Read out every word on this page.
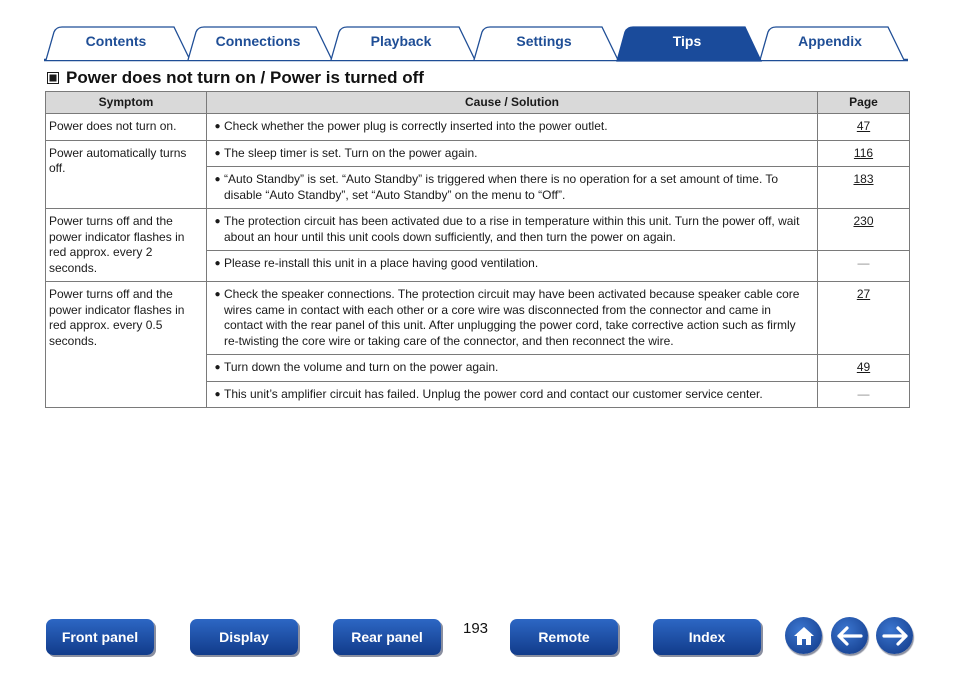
Contents	Connections	Playback	Settings	Tips	Appendix
Power does not turn on / Power is turned off
Symptom	Cause / Solution	Page
Power does not turn on.	● Check whether the power plug is correctly inserted into the power outlet.	47
Power automatically turns off.	● The sleep timer is set. Turn on the power again.	116

	● “Auto Standby” is set. “Auto Standby” is triggered when there is no operation for a set amount of time. To disable “Auto Standby”, set “Auto Standby” on the menu to “Off”.	183
Power turns off and the power indicator flashes in red approx. every 2 seconds.	● The protection circuit has been activated due to a rise in temperature within this unit. Turn the power off, wait about an hour until this unit cools down sufficiently, and then turn the power on again.	230

	● Please re-install this unit in a place having good ventilation.	—
Power turns off and the power indicator flashes in red approx. every 0.5 seconds.	● Check the speaker connections. The protection circuit may have been activated because speaker cable core wires came in contact with each other or a core wire was disconnected from the connector and came in contact with the rear panel of this unit. After unplugging the power cord, take corrective action such as firmly re-twisting the core wire or taking care of the connector, and then reconnect the wire.	27

	● Turn down the volume and turn on the power again.	49

	● This unit’s amplifier circuit has failed. Unplug the power cord and contact our customer service center.	—
Front panel	Display	Rear panel	193	Remote	Index
